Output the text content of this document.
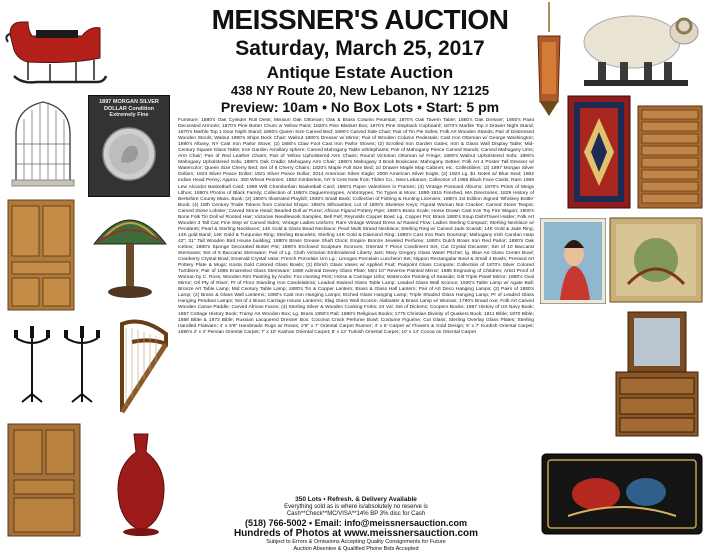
MEISSNER'S AUCTION
Saturday, March 25, 2017
Antique Estate Auction
438 NY Route 20, New Lebanon, NY 12125
Preview: 10am • No Box Lots • Start: 5 pm
Furniture: 1880's Oak Cylinder Roll Desk; Mission Oak Ottoman; Oak & Brass Column Pedestal; 1870's Oak Tavern Table; 1880's Oak Dresser; 1850's Paint Decorated Armoire; 1870's Pine Butter Churn w Yellow Paint; 1820's Pine Blanket Box; 1870's Pine Stepback Cupboard; 1870's Marble Top 2 Drawer Night Stand; 1870's Marble Top 1 Door Night Stand; 1880's Queen Size Carved Bed; 1890's Carved Side Chair; Pair of Tin Pie Safes; Folk Art Wooden Stands; Pair of Distressed Wooden Stools; Walnut 1880's Ships Deck Chair; Walnut 1880's Dresser w/ Mirror; Pair of Wooden Column Pedestals; Cast Iron Ottoman w/ George Washington; 1890's Albany, NY Cast Iron Parlor Stove; (2) 1880's Claw Foot Cast Iron Parlor Stoves; (2) Scrolled Iron Garden Gates; Iron & Glass Wall Display Table; Mid-Century Square Glass Table; Iron Garden Armillary sphere; Carved Mahogany Table w/Elephants; Pair of Mahogany Pierce Carved Stands; Carved Mahogany Urns; Arm Chair; Pair of Red Leather Chairs; Pair of Yellow Upholstered Arm Chairs; Round Victorian Ottoman w/ Fringe; 1880's Walnut Upholstered Sofa; 1890's Mahogany Upholstered Sofa; 1880's Oak Cradle; Mahogany Arm Chair; 1880's Mahogany 3 Book Bookcase; Mahogany Settee; Folk Art 4 Poster Tall Dresser w/ Watercolor; Queen Size Cherry Bed; Set of 6 Cherry Chairs; 1820's Maple Full Size Bed; 10 Drawer Maple Map Cabinet; etc. Collectibles: (2) 1897 Morgan Silver Dollars; 1923 Silver Peace Dollar; 1921 Silver Peace Dollar; 2014 American Silver Eagle; 2000 American Silver Eagle; (2) 1923 Lg. $1 Notes w/ Blue Seal; 1862 Indian Head Penny; Approx. 350 Wheat Pennies; 1862 Kimberlein, NY 5 Cent Note from Tilden Co., New Lebanon; Collection of 1965 Black Face Cards; Rare 1969 Lew Alcindor Basketball Card; 1969 Wilt Chamberlain Basketball Card; 1860's Paper Valentines in Frames; (3) Vintage Postcard Albums; 1870's Prints of Meigs Lithos; 1880's Photos of Black Family; Collection of 1860's Daguerreotypes, Ambrotypes, Tin Types & More; 1890-1915 Finished, MA Directories; 1829 History of Berkshire County Mass. Book; (2) 1800's Illustrated Playbill; 1930's Small Bank; Collection of Fishing & Hunting Licenses; 1880's 1st Edition Signed 'Whiskey Bottle' Book; (4) 18th Century Trade Tokens from Colonial Shops; 1850's Silhouettes; Lot of 1800's Skeleton Keys; Figural Woman Nut Cracker; Carved Stone Teapot; Carved Stone Lobster; Carved Stone Head; Beaded Doll w/ Purse; African Figural Pottery Pipe; 1880's Brass Scale; Horse Drawn Cast Iron Toy Fire Wagon; 1900's Bone Folk Tin Doll w/ Rooted Hair; Victorian Needlework Samples; Bell Pull; Reynolds Copper Bowl; Lg. Copper Pot; Brass 1880's Soup Dish/Towel Holder; Folk Art Wooden 3 Tall Cat; Fine Step w/ Carved Sides; Vintage Ladies Uniform; Rare Vintage Wizard Dress w/ Raised Flow; Ladies Sterling Compact; Sterling Necklace w/ Pendants; Pearl & Sterling Necklaces; 14K Gold & Glass Bead Necklace; Pearl Multi Strand Necklace; Sterling Ring w/ Carved Jade Scarab; 14K Gold & Jade Ring; 14K gold Band; 14K Gold & Turquoise Ring; Sterling Bracelets; Sterling 14K Gold & Diamond Ring; 1880's Cast Iron Ram Doorstop; Mahogany Irish Carolan Harp 42"; 31" Tall Wooden Bird House building; 1880's Brass Grease Shaft Clock; Empire Bronze Jeweled Perfume; 1880's Dutch Brass Iron Red Parlor; 1880's Oak Icebox; 1880's Sponge Decorated Butter Pot; 1890's Enclosed Sculpture Sconces; Oriental 7 Piece Condiment Set; Cut Crystal Decanter; Set of 10 Baccarat Stemware; Set of 6 Baccarat Stemware; Pair of Lg. Cloth Victorian Embroidered Liberty Jars; Mary Gregory Glass Water Pitcher; lg. Blue Art Glass Center Bowl; Cranberry Crystal Bowl; Emerald Crystal Vase; French Porcelain Urn Lg.; Limoges Porcelain Luncheon Set; Nippon Rectangular Bowl & Small 4 Bowls; Pressed Art Pottery Plate & Mugs; Kosta Gold Colored Glass Bowls; (2) Ebrich Glass Vases w/ Applied Fruit; Pairpoint Glass Compote; Collection of 1870's Silver Colored Tumblers; Pair of 1895 Enameled Glass Stemware; 1880 Admiral Dewey Glass Plate; Mini 10" Reverse Painted Mirror; 1885 Engraving of Children; Artist Proof of Woman by C. Ross; Wooden Rim Painting by Andre; Fox Hunting Print; Horse & Carriage Litho; Watercolor Painting of Seaside; Gilt Triple Panel Mirror; 1880's Oval Mirror; Oil Pty of River; Pr of Floor Standing Iron Candelabras; Leaded Stained Glass Table Lamp; Leaded Glass Wall Sconce; 1920's Table Lamp w/ Agate Ball; Bronze Art Table Lamp; Mid Century Table Lamp; 1880's Tin & Copper Lantern; Brass & Glass Hall Lantern; Pair of Art Deco Hanging Lamps; (2) Pairs of 1880's Lamp; (2) Brass & Glass Wall Lanterns; 1880's Cast Iron Hanging Lamps; Etched Glass Hanging Lamp; Triple Shaded Glass Hanging Lamp; Pr of Leaded Glass Hanging Pendant Lamps; Set of 4 Brass Carriage House Lanterns; Slag Glass Wall Sconce; Alabaster & Brass Lamp w/ Woman; 1780's Broad Axe; Folk Art Carved Wooden Canoe Paddle; Carved African Faces; (4) Sterling Silver & Wooden Cooking Forks; 24 Vol. Set of Dickens; Coopers Books; 1867 History of US Navy Book; 1867 Cottage History Book; Tramp Art Wooden Box; Lg. Brass 1850's Pail; 1880's Religious Books; 1775 Christian Divinity of Quakers Book; 1811 Bible; 1870 Bible; 1888 Bible & 1872 Bible; Russian Lacquered Dresser Box; Coconut Crack Perfume Bowl; Costume Figurine; Cut Glass; Sterling Overlay Glass Plates; Sterling Handled Flatware; 4' x 6'8" Handmade Rugs w/ Roses; 2'8" x 7' Oriental Carpet Runner; 4' x 6' Carpet w/ Flowers & Gold Design; 5' x 7' Kurdish Oriental Carpet; 1890's 2' x 3' Persian Oriental Carpet; 7' x 10' Kashan Oriental Carpet; 8' x 12' Turkish Oriental Carpet; 10' x 14' Cocoa on Oriental Carpet
350 Lots • Refresh. & Delivery Available
Everything sold as is where is/absolutely no reserve is
Cash**Check**MC/VISA**14% BP 3% disc for Cash
(518) 766-5002 • Email: info@meissnersauction.com
Hundreds of Photos at www.meissnersauction.com
Subject to Errors & Omissions Accepting Quality Consignments for Future
Auction Absentee & Qualified Phone Bids Accepted
1897 MORGAN SILVER DOLLAR Condition Extremely Fine
